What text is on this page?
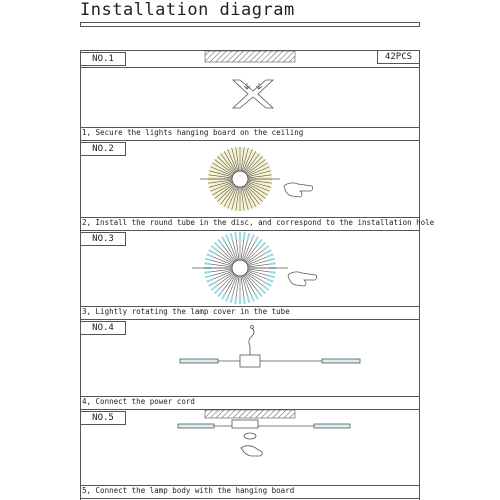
Installation diagram
NO.1
NO.2
NO.3
NO.4
NO.5
42PCS
1, Secure the lights hanging board on the ceiling
2, Install the round tube in the disc, and correspond to the installation hole
3, Lightly rotating the lamp cover in the tube
4, Connect the power cord
5, Connect the lamp body with the hanging board
